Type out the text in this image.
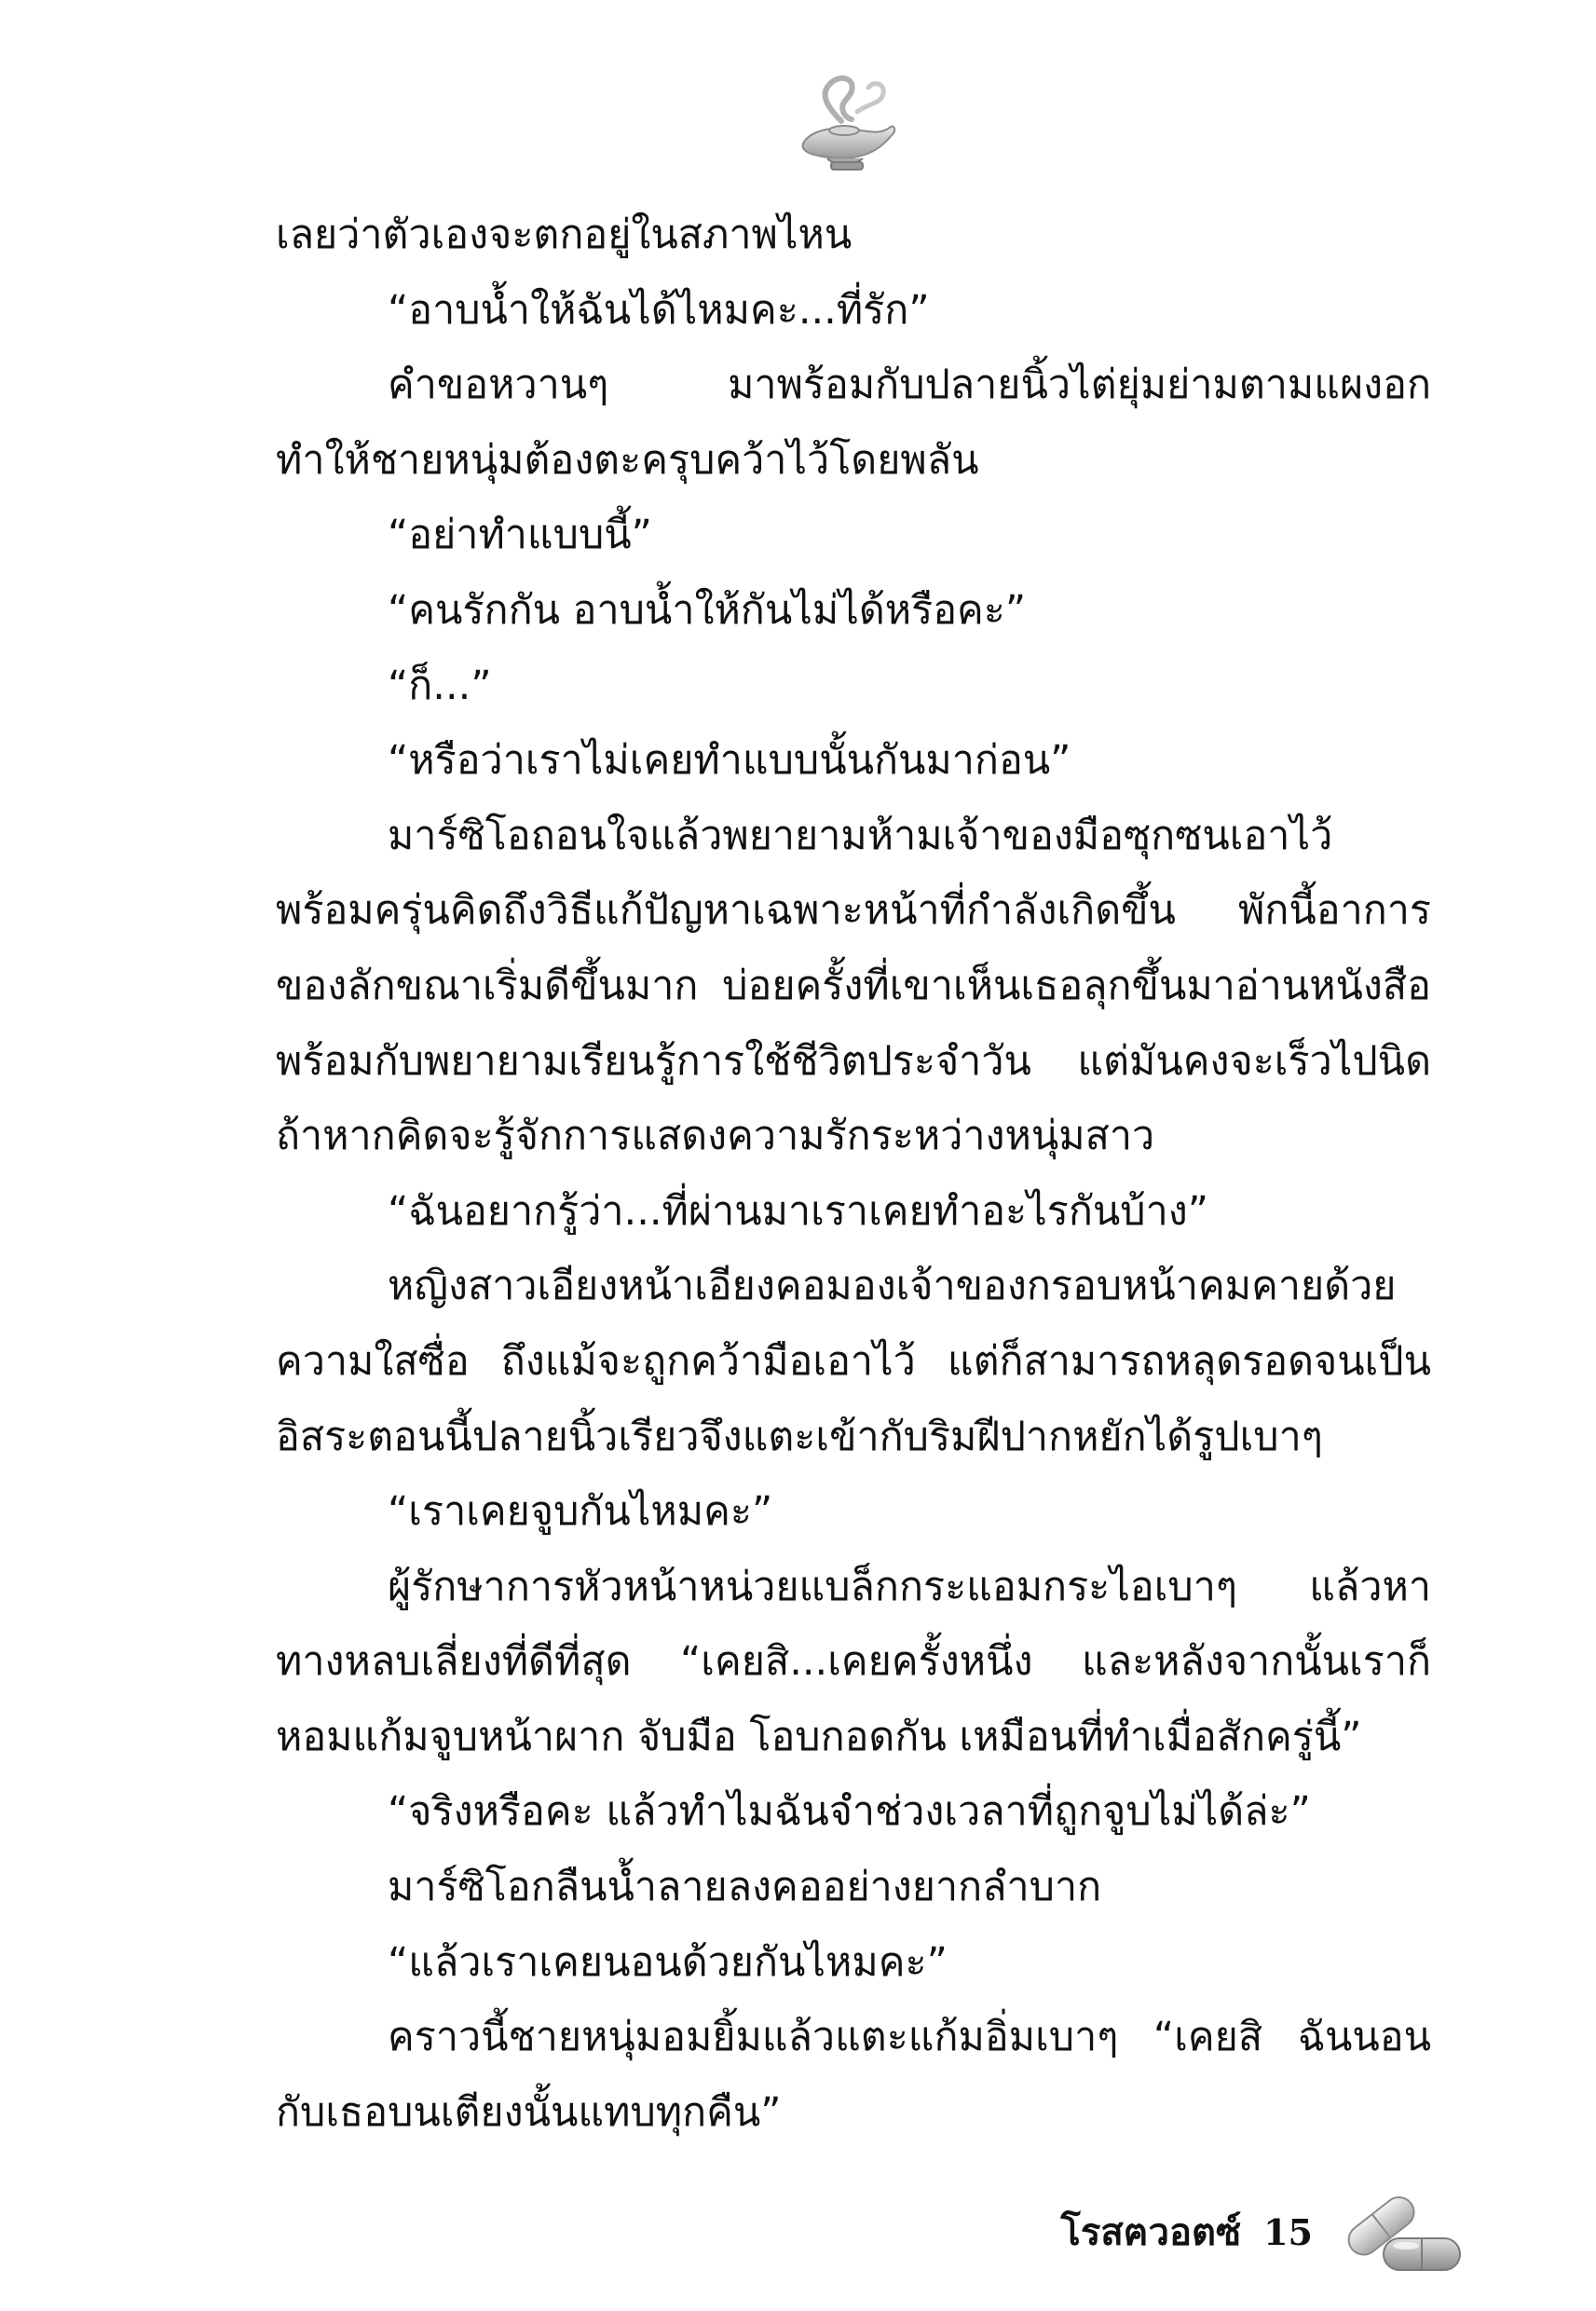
เลยว่าตัวเองจะตกอยู่ในสภาพไหน

“อาบน้ำให้ฉันได้ไหมคะ...ที่รัก”

คำขอหวานๆ มาพร้อมกับปลายนิ้วไต่ยุ่มย่ามตามแผงอก ทำให้ชายหนุ่มต้องตะครุบคว้าไว้โดยพลัน

“อย่าทำแบบนี้”

“คนรักกัน อาบน้ำให้กันไม่ได้หรือคะ”

“ก็...”

“หรือว่าเราไม่เคยทำแบบนั้นกันมาก่อน”

มาร์ซิโอถอนใจแล้วพยายามห้ามเจ้าของมือซุกซนเอาไว้ พร้อมครุ่นคิดถึงวิธีแก้ปัญหาเฉพาะหน้าที่กำลังเกิดขึ้น พักนี้อาการของลักขณาเริ่มดีขึ้นมาก บ่อยครั้งที่เขาเห็นเธอลุกขึ้นมาอ่านหนังสือพร้อมกับพยายามเรียนรู้การใช้ชีวิตประจำวัน แต่มันคงจะเร็วไปนิดถ้าหากคิดจะรู้จักการแสดงความรักระหว่างหนุ่มสาว

“ฉันอยากรู้ว่า...ที่ผ่านมาเราเคยทำอะไรกันบ้าง”

หญิงสาวเอียงหน้าเอียงคอมองเจ้าของกรอบหน้าคมคายด้วยความใสซื่อ ถึงแม้จะถูกคว้ามือเอาไว้ แต่ก็สามารถหลุดรอดจนเป็นอิสระตอนนี้ปลายนิ้วเรียวจึงแตะเข้ากับริมฝีปากหยักได้รูปเบาๆ

“เราเคยจูบกันไหมคะ”

ผู้รักษาการหัวหน้าหน่วยแบล็กกระแอมกระไอเบาๆ แล้วหาทางหลบเลี่ยงที่ดีที่สุด “เคยสิ...เคยครั้งหนึ่ง และหลังจากนั้นเราก็หอมแก้มจูบหน้าผาก จับมือ โอบกอดกัน เหมือนที่ทำเมื่อสักครู่นี้”

“จริงหรือคะ แล้วทำไมฉันจำช่วงเวลาที่ถูกจูบไม่ได้ล่ะ”

มาร์ซิโอกลืนน้ำลายลงคออย่างยากลำบาก

“แล้วเราเคยนอนด้วยกันไหมคะ”

คราวนี้ชายหนุ่มอมยิ้มแล้วแตะแก้มอิ่มเบาๆ “เคยสิ ฉันนอนกับเธอบนเตียงนั้นแทบทุกคืน”

โรสฅวอตซ์ 15
